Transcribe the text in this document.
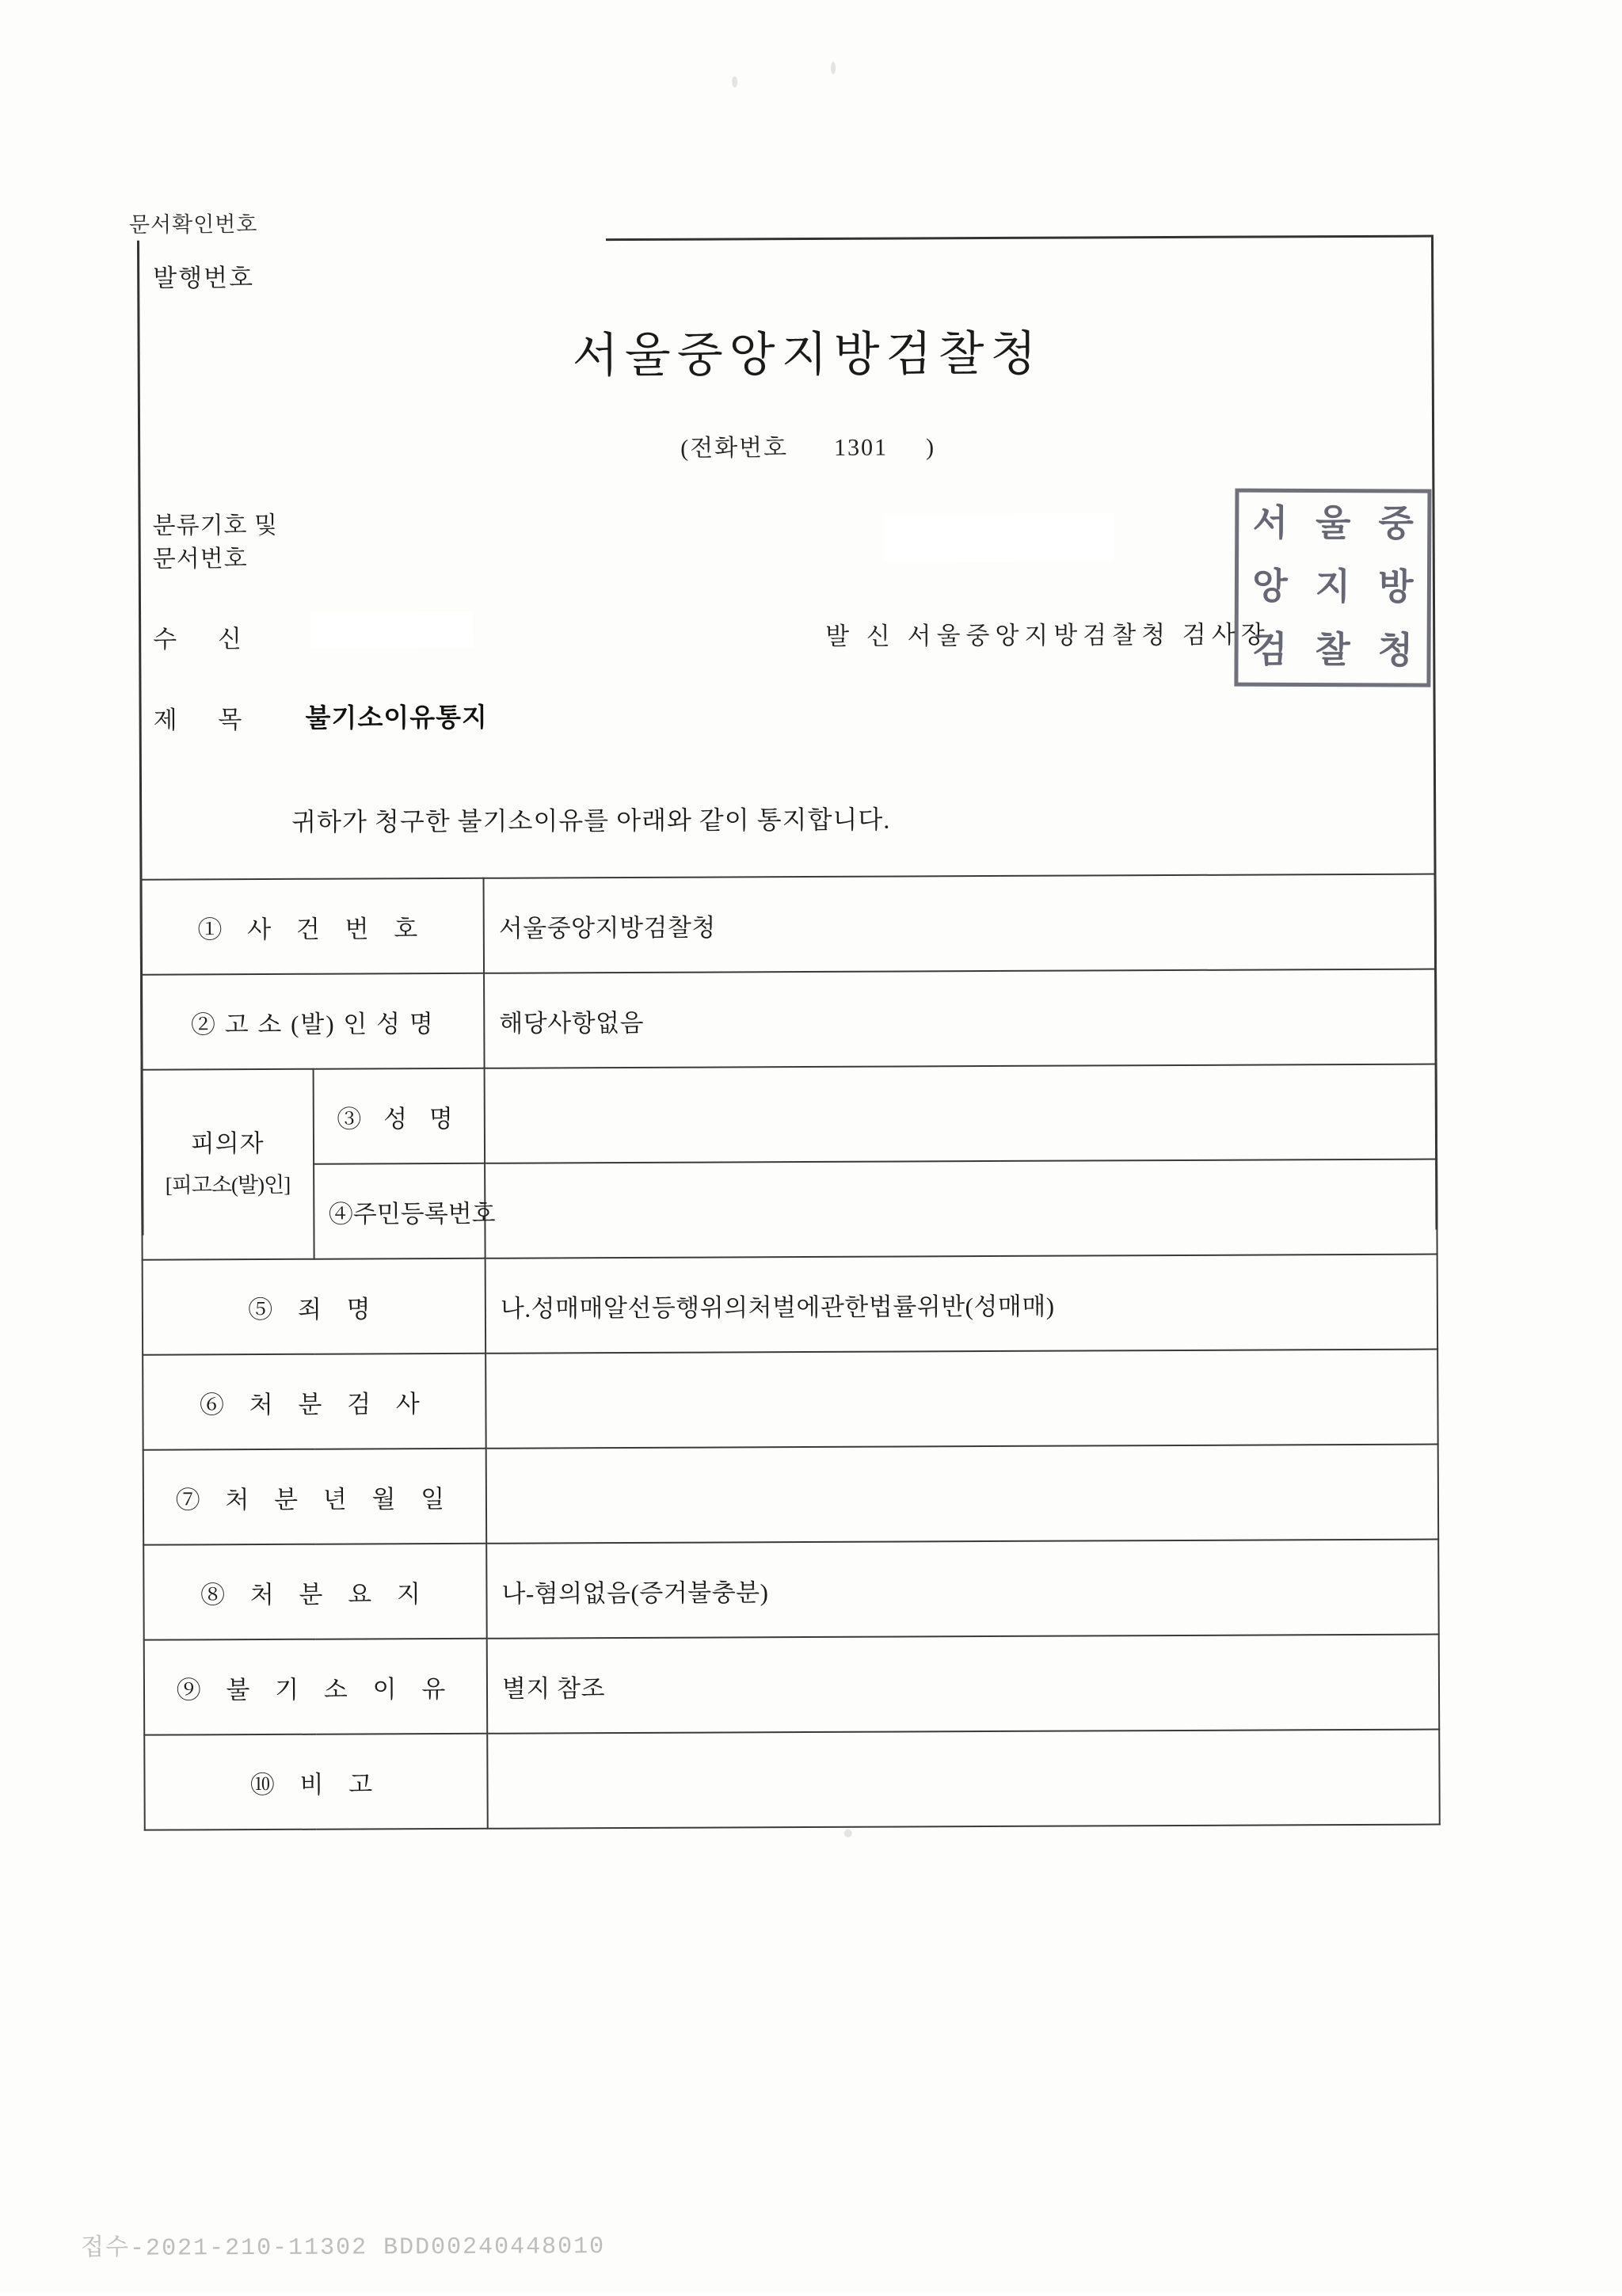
문서확인번호
발행번호
서울중앙지방검찰청
(전화번호 1301 )
분류기호 및
문서번호
수 신	발 신 서울중앙지방검찰청 검사장
제 목 불기소이유통지
귀하가 청구한 불기소이유를 아래와 같이 통지합니다.
서 울 중
앙 지 방
검 찰 청
① 사 건 번 호		서울중앙지방검찰청
② 고 소 (발) 인 성 명		해당사항없음
피의자
[피고소(발)인]	③ 성 명	
	④주민등록번호	
⑤ 죄 명		나.성매매알선등행위의처벌에관한법률위반(성매매)
⑥ 처 분 검 사		
⑦ 처 분 년 월 일		
⑧ 처 분 요 지		나-혐의없음(증거불충분)
⑨ 불 기 소 이 유		별지 참조
⑩ 비 고		
접수-2021-210-11302 BDD00240448010
